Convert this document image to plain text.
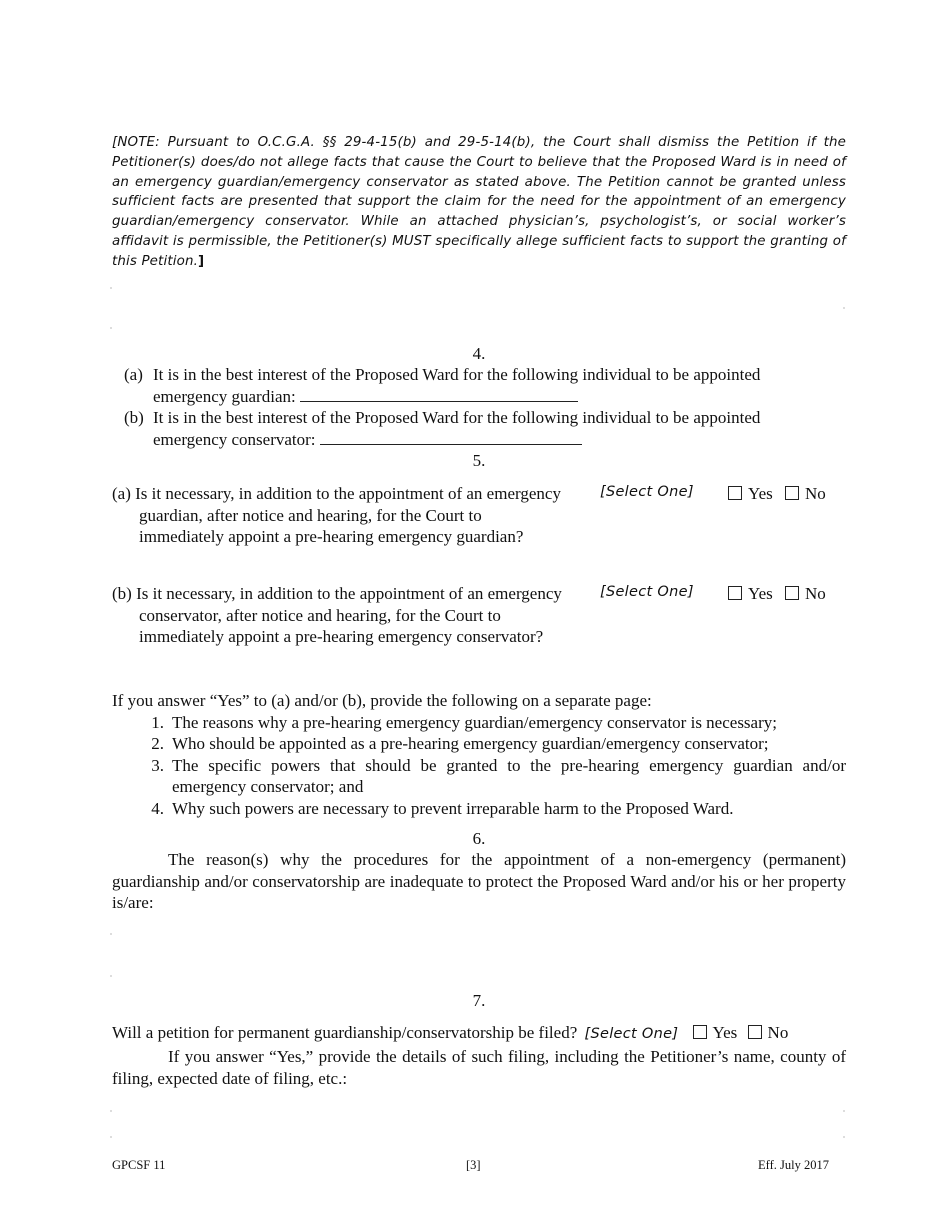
[NOTE: Pursuant to O.C.G.A. §§ 29-4-15(b) and 29-5-14(b), the Court shall dismiss the Petition if the Petitioner(s) does/do not allege facts that cause the Court to believe that the Proposed Ward is in need of an emergency guardian/emergency conservator as stated above. The Petition cannot be granted unless sufficient facts are presented that support the claim for the need for the appointment of an emergency guardian/emergency conservator. While an attached physician’s, psychologist’s, or social worker’s affidavit is permissible, the Petitioner(s) MUST specifically allege sufficient facts to support the granting of this Petition.]
4.
(a) It is in the best interest of the Proposed Ward for the following individual to be appointed
emergency guardian:
(b) It is in the best interest of the Proposed Ward for the following individual to be appointed
emergency conservator:
5.
(a) Is it necessary, in addition to the appointment of an emergency guardian, after notice and hearing, for the Court to immediately appoint a pre-hearing emergency guardian?
[Select One]	Yes No
(b) Is it necessary, in addition to the appointment of an emergency conservator, after notice and hearing, for the Court to immediately appoint a pre-hearing emergency conservator?
[Select One]	Yes No
If you answer “Yes” to (a) and/or (b), provide the following on a separate page:
1. The reasons why a pre-hearing emergency guardian/emergency conservator is necessary;
2. Who should be appointed as a pre-hearing emergency guardian/emergency conservator;
3. The specific powers that should be granted to the pre-hearing emergency guardian and/or emergency conservator; and
4. Why such powers are necessary to prevent irreparable harm to the Proposed Ward.
6.
The reason(s) why the procedures for the appointment of a non-emergency (permanent) guardianship and/or conservatorship are inadequate to protect the Proposed Ward and/or his or her property is/are:
7.
Will a petition for permanent guardianship/conservatorship be filed? [Select One] Yes No
If you answer “Yes,” provide the details of such filing, including the Petitioner’s name, county of filing, expected date of filing, etc.:
GPCSF 11	[3]	Eff. July 2017
